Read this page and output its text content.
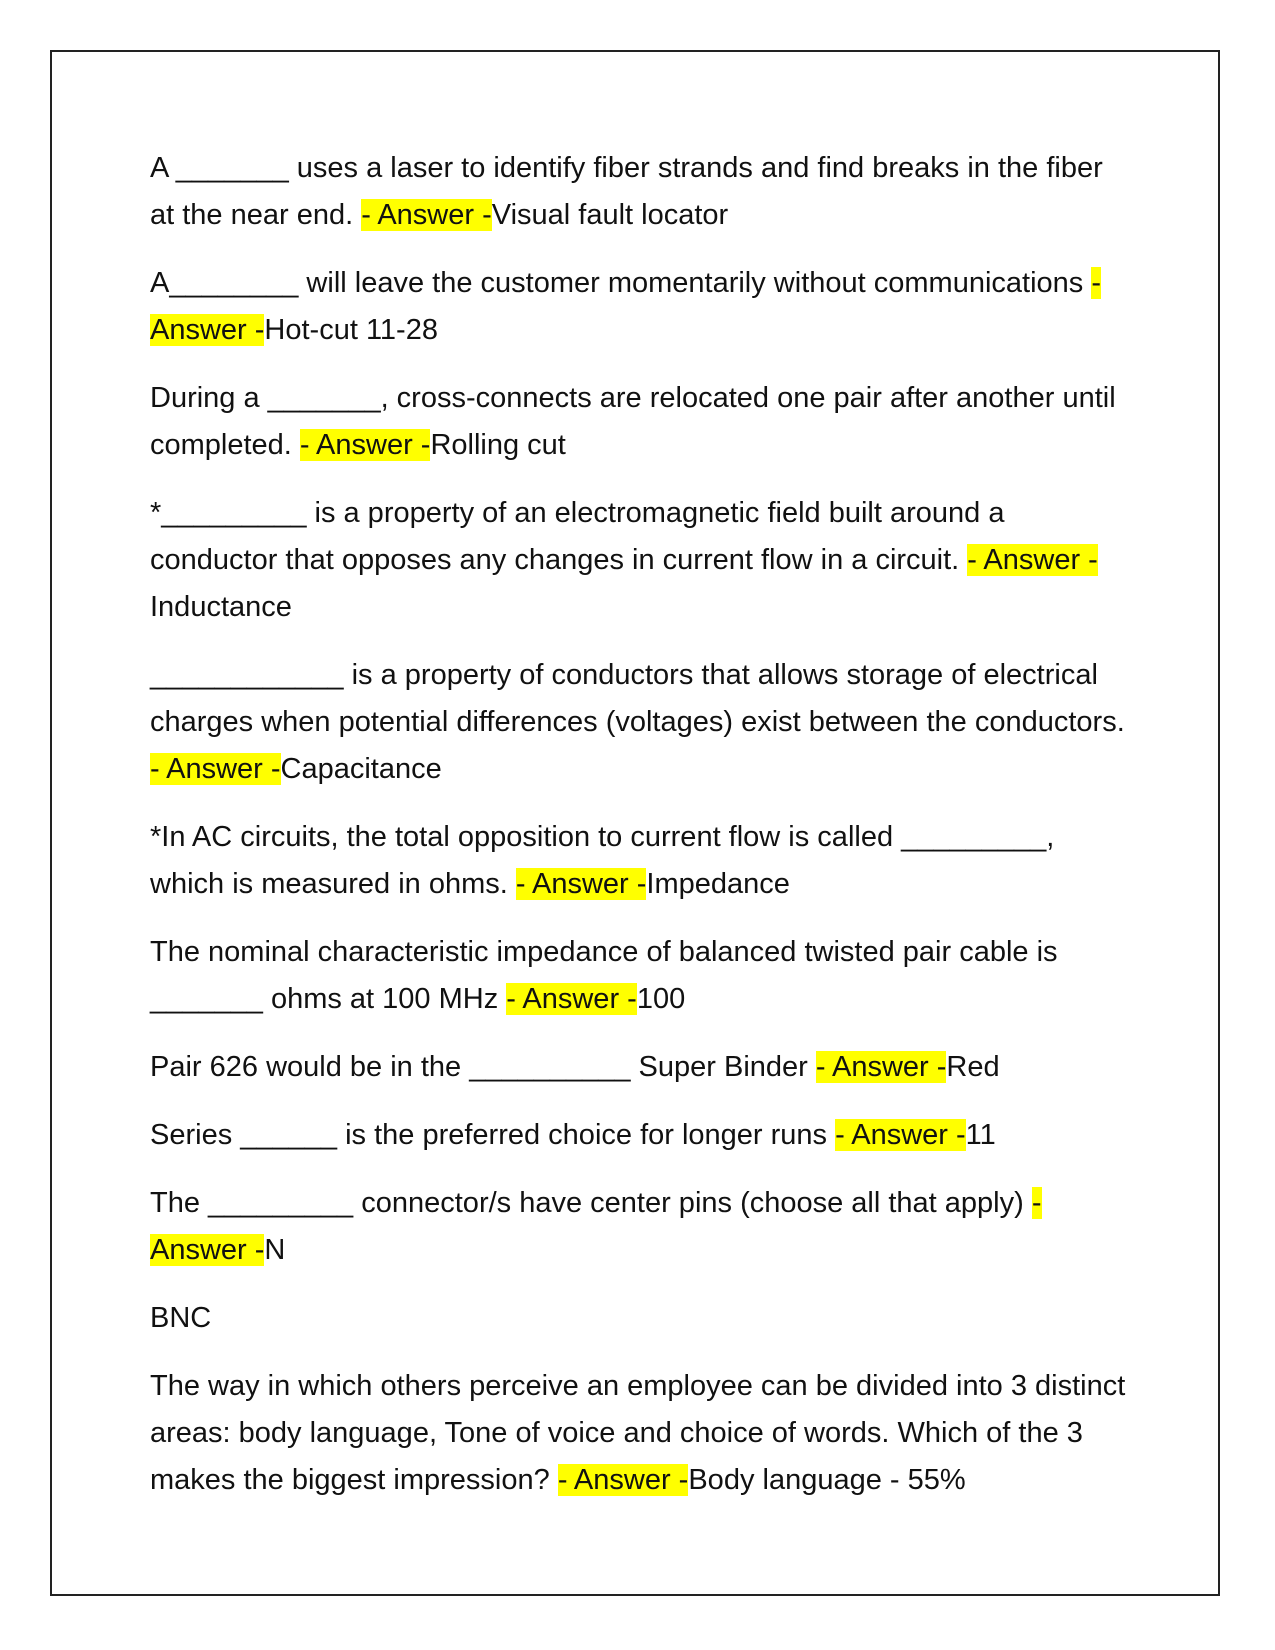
A _______ uses a laser to identify fiber strands and find breaks in the fiber at the near end. - Answer -Visual fault locator

A________ will leave the customer momentarily without communications - Answer -Hot-cut 11-28

During a _______, cross-connects are relocated one pair after another until completed. - Answer -Rolling cut

*_________ is a property of an electromagnetic field built around a conductor that opposes any changes in current flow in a circuit. - Answer -Inductance

____________ is a property of conductors that allows storage of electrical charges when potential differences (voltages) exist between the conductors. - Answer -Capacitance

*In AC circuits, the total opposition to current flow is called _________, which is measured in ohms. - Answer -Impedance

The nominal characteristic impedance of balanced twisted pair cable is _______ ohms at 100 MHz - Answer -100

Pair 626 would be in the __________ Super Binder - Answer -Red

Series ______ is the preferred choice for longer runs - Answer -11

The _________ connector/s have center pins (choose all that apply) - Answer -N

BNC

The way in which others perceive an employee can be divided into 3 distinct areas: body language, Tone of voice and choice of words. Which of the 3 makes the biggest impression? - Answer -Body language - 55%
